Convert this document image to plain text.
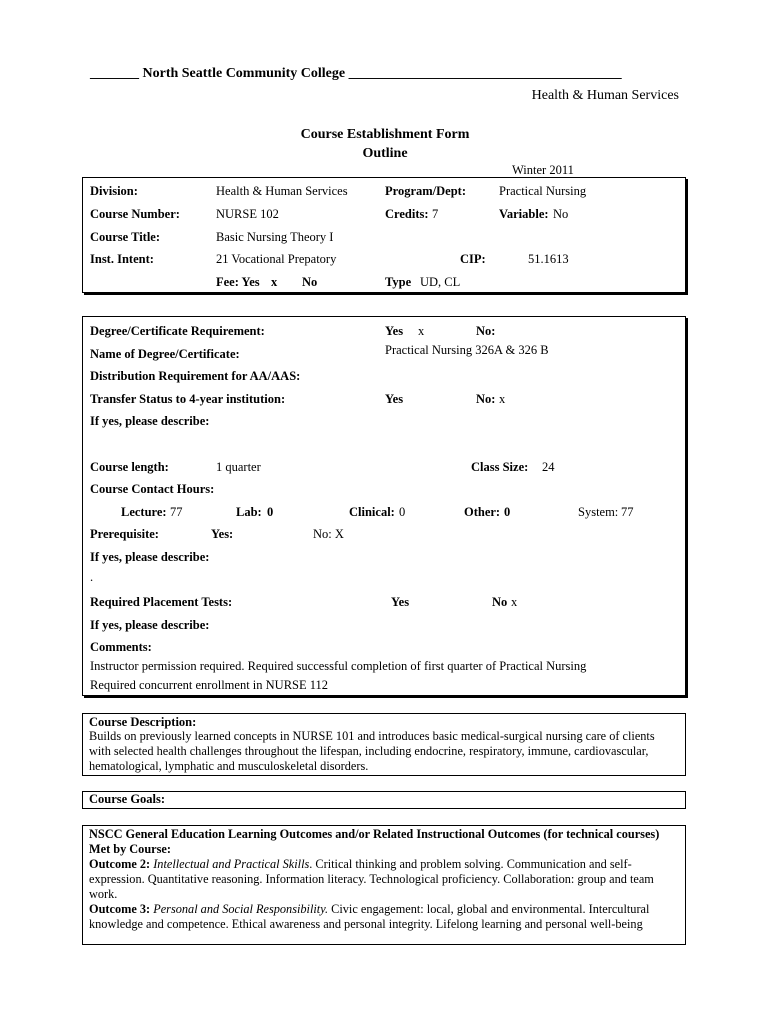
_______ North Seattle Community College _______________________________________
Health & Human Services
Course Establishment Form
Outline
Winter 2011
Division:	Health & Human Services	Program/Dept:	Practical Nursing
Course Number:	NURSE 102	Credits: 7	Variable: No
Course Title:	Basic Nursing Theory I
Inst. Intent:	21 Vocational Prepatory	CIP:	51.1613
Fee: Yes x No	Type UD, CL
Degree/Certificate Requirement:	Yes x	No:
Name of Degree/Certificate:	Practical Nursing 326A & 326 B
Distribution Requirement for AA/AAS:
Transfer Status to 4-year institution:	Yes	No: x
If yes, please describe:
Course length:	1 quarter	Class Size: 24
Course Contact Hours:
Lecture: 77	Lab: 0	Clinical: 0	Other: 0	System: 77
Prerequisite:	Yes:	No: X
If yes, please describe:
.
Required Placement Tests:	Yes	No x
If yes, please describe:
Comments:
Instructor permission required. Required successful completion of first quarter of Practical Nursing
Required concurrent enrollment in NURSE 112
Course Description:
Builds on previously learned concepts in NURSE 101 and introduces basic medical-surgical nursing care of clients with selected health challenges throughout the lifespan, including endocrine, respiratory, immune, cardiovascular, hematological, lymphatic and musculoskeletal disorders.
Course Goals:
NSCC General Education Learning Outcomes and/or Related Instructional Outcomes (for technical courses) Met by Course:
Outcome 2: Intellectual and Practical Skills. Critical thinking and problem solving. Communication and self-expression. Quantitative reasoning. Information literacy. Technological proficiency. Collaboration: group and team work.
Outcome 3: Personal and Social Responsibility. Civic engagement: local, global and environmental. Intercultural knowledge and competence. Ethical awareness and personal integrity. Lifelong learning and personal well-being
